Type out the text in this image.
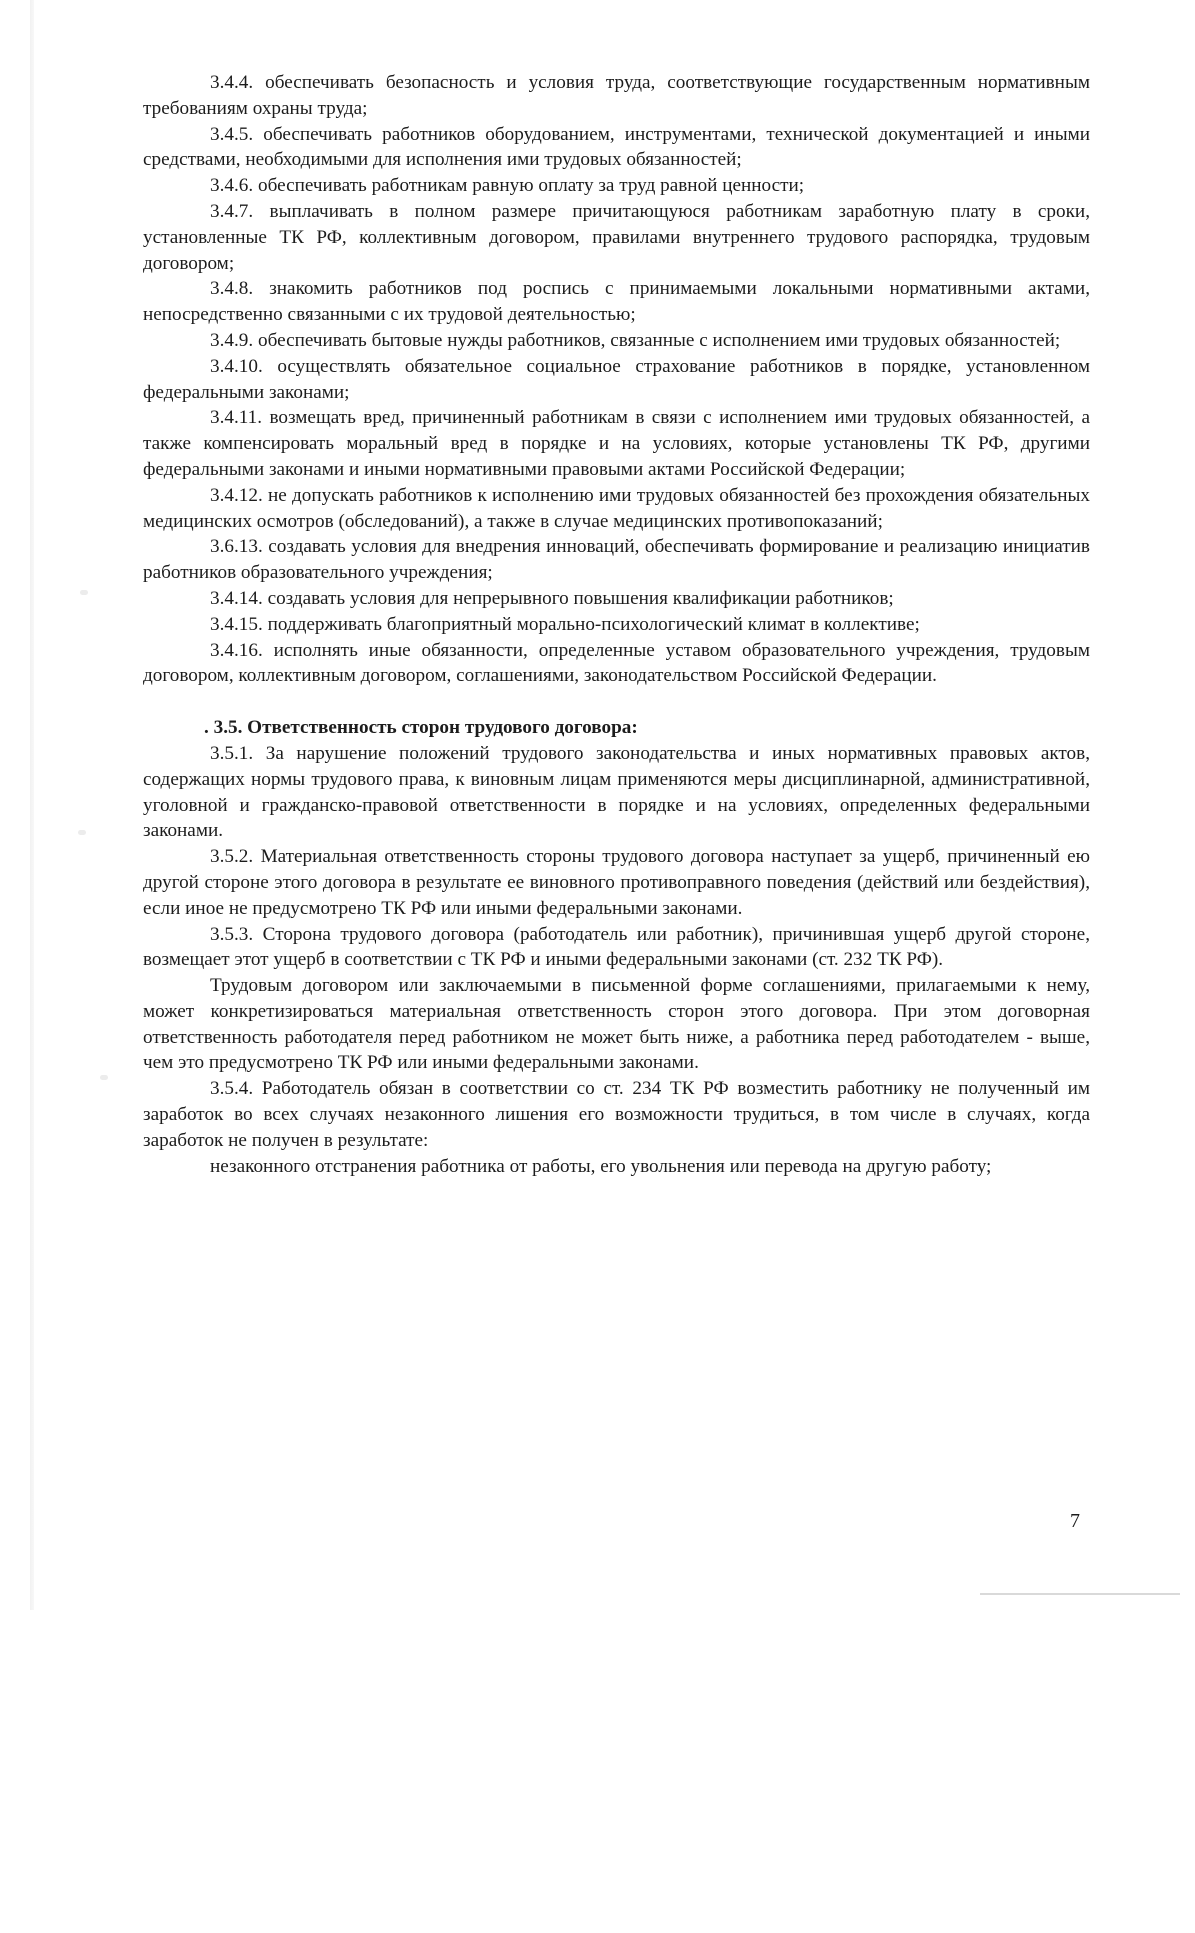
3.4.4. обеспечивать безопасность и условия труда, соответствующие государственным нормативным требованиям охраны труда;

3.4.5. обеспечивать работников оборудованием, инструментами, технической документацией и иными средствами, необходимыми для исполнения ими трудовых обязанностей;

3.4.6. обеспечивать работникам равную оплату за труд равной ценности;

3.4.7. выплачивать в полном размере причитающуюся работникам заработную плату в сроки, установленные ТК РФ, коллективным договором, правилами внутреннего трудового распорядка, трудовым договором;

3.4.8. знакомить работников под роспись с принимаемыми локальными нормативными актами, непосредственно связанными с их трудовой деятельностью;

3.4.9. обеспечивать бытовые нужды работников, связанные с исполнением ими трудовых обязанностей;

3.4.10. осуществлять обязательное социальное страхование работников в порядке, установленном федеральными законами;

3.4.11. возмещать вред, причиненный работникам в связи с исполнением ими трудовых обязанностей, а также компенсировать моральный вред в порядке и на условиях, которые установлены ТК РФ, другими федеральными законами и иными нормативными правовыми актами Российской Федерации;

3.4.12. не допускать работников к исполнению ими трудовых обязанностей без прохождения обязательных медицинских осмотров (обследований), а также в случае медицинских противопоказаний;

3.6.13. создавать условия для внедрения инноваций, обеспечивать формирование и реализацию инициатив работников образовательного учреждения;

3.4.14. создавать условия для непрерывного повышения квалификации работников;

3.4.15. поддерживать благоприятный морально-психологический климат в коллективе;

3.4.16. исполнять иные обязанности, определенные уставом образовательного учреждения, трудовым договором, коллективным договором, соглашениями, законодательством Российской Федерации.

. 3.5. Ответственность сторон трудового договора:

3.5.1. За нарушение положений трудового законодательства и иных нормативных правовых актов, содержащих нормы трудового права, к виновным лицам применяются меры дисциплинарной, административной, уголовной и гражданско-правовой ответственности в порядке и на условиях, определенных федеральными законами.

3.5.2. Материальная ответственность стороны трудового договора наступает за ущерб, причиненный ею другой стороне этого договора в результате ее виновного противоправного поведения (действий или бездействия), если иное не предусмотрено ТК РФ или иными федеральными законами.

3.5.3. Сторона трудового договора (работодатель или работник), причинившая ущерб другой стороне, возмещает этот ущерб в соответствии с ТК РФ и иными федеральными законами (ст. 232 ТК РФ).

Трудовым договором или заключаемыми в письменной форме соглашениями, прилагаемыми к нему, может конкретизироваться материальная ответственность сторон этого договора. При этом договорная ответственность работодателя перед работником не может быть ниже, а работника перед работодателем - выше, чем это предусмотрено ТК РФ или иными федеральными законами.

3.5.4. Работодатель обязан в соответствии со ст. 234 ТК РФ возместить работнику не полученный им заработок во всех случаях незаконного лишения его возможности трудиться, в том числе в случаях, когда заработок не получен в результате:

незаконного отстранения работника от работы, его увольнения или перевода на другую работу;

7
